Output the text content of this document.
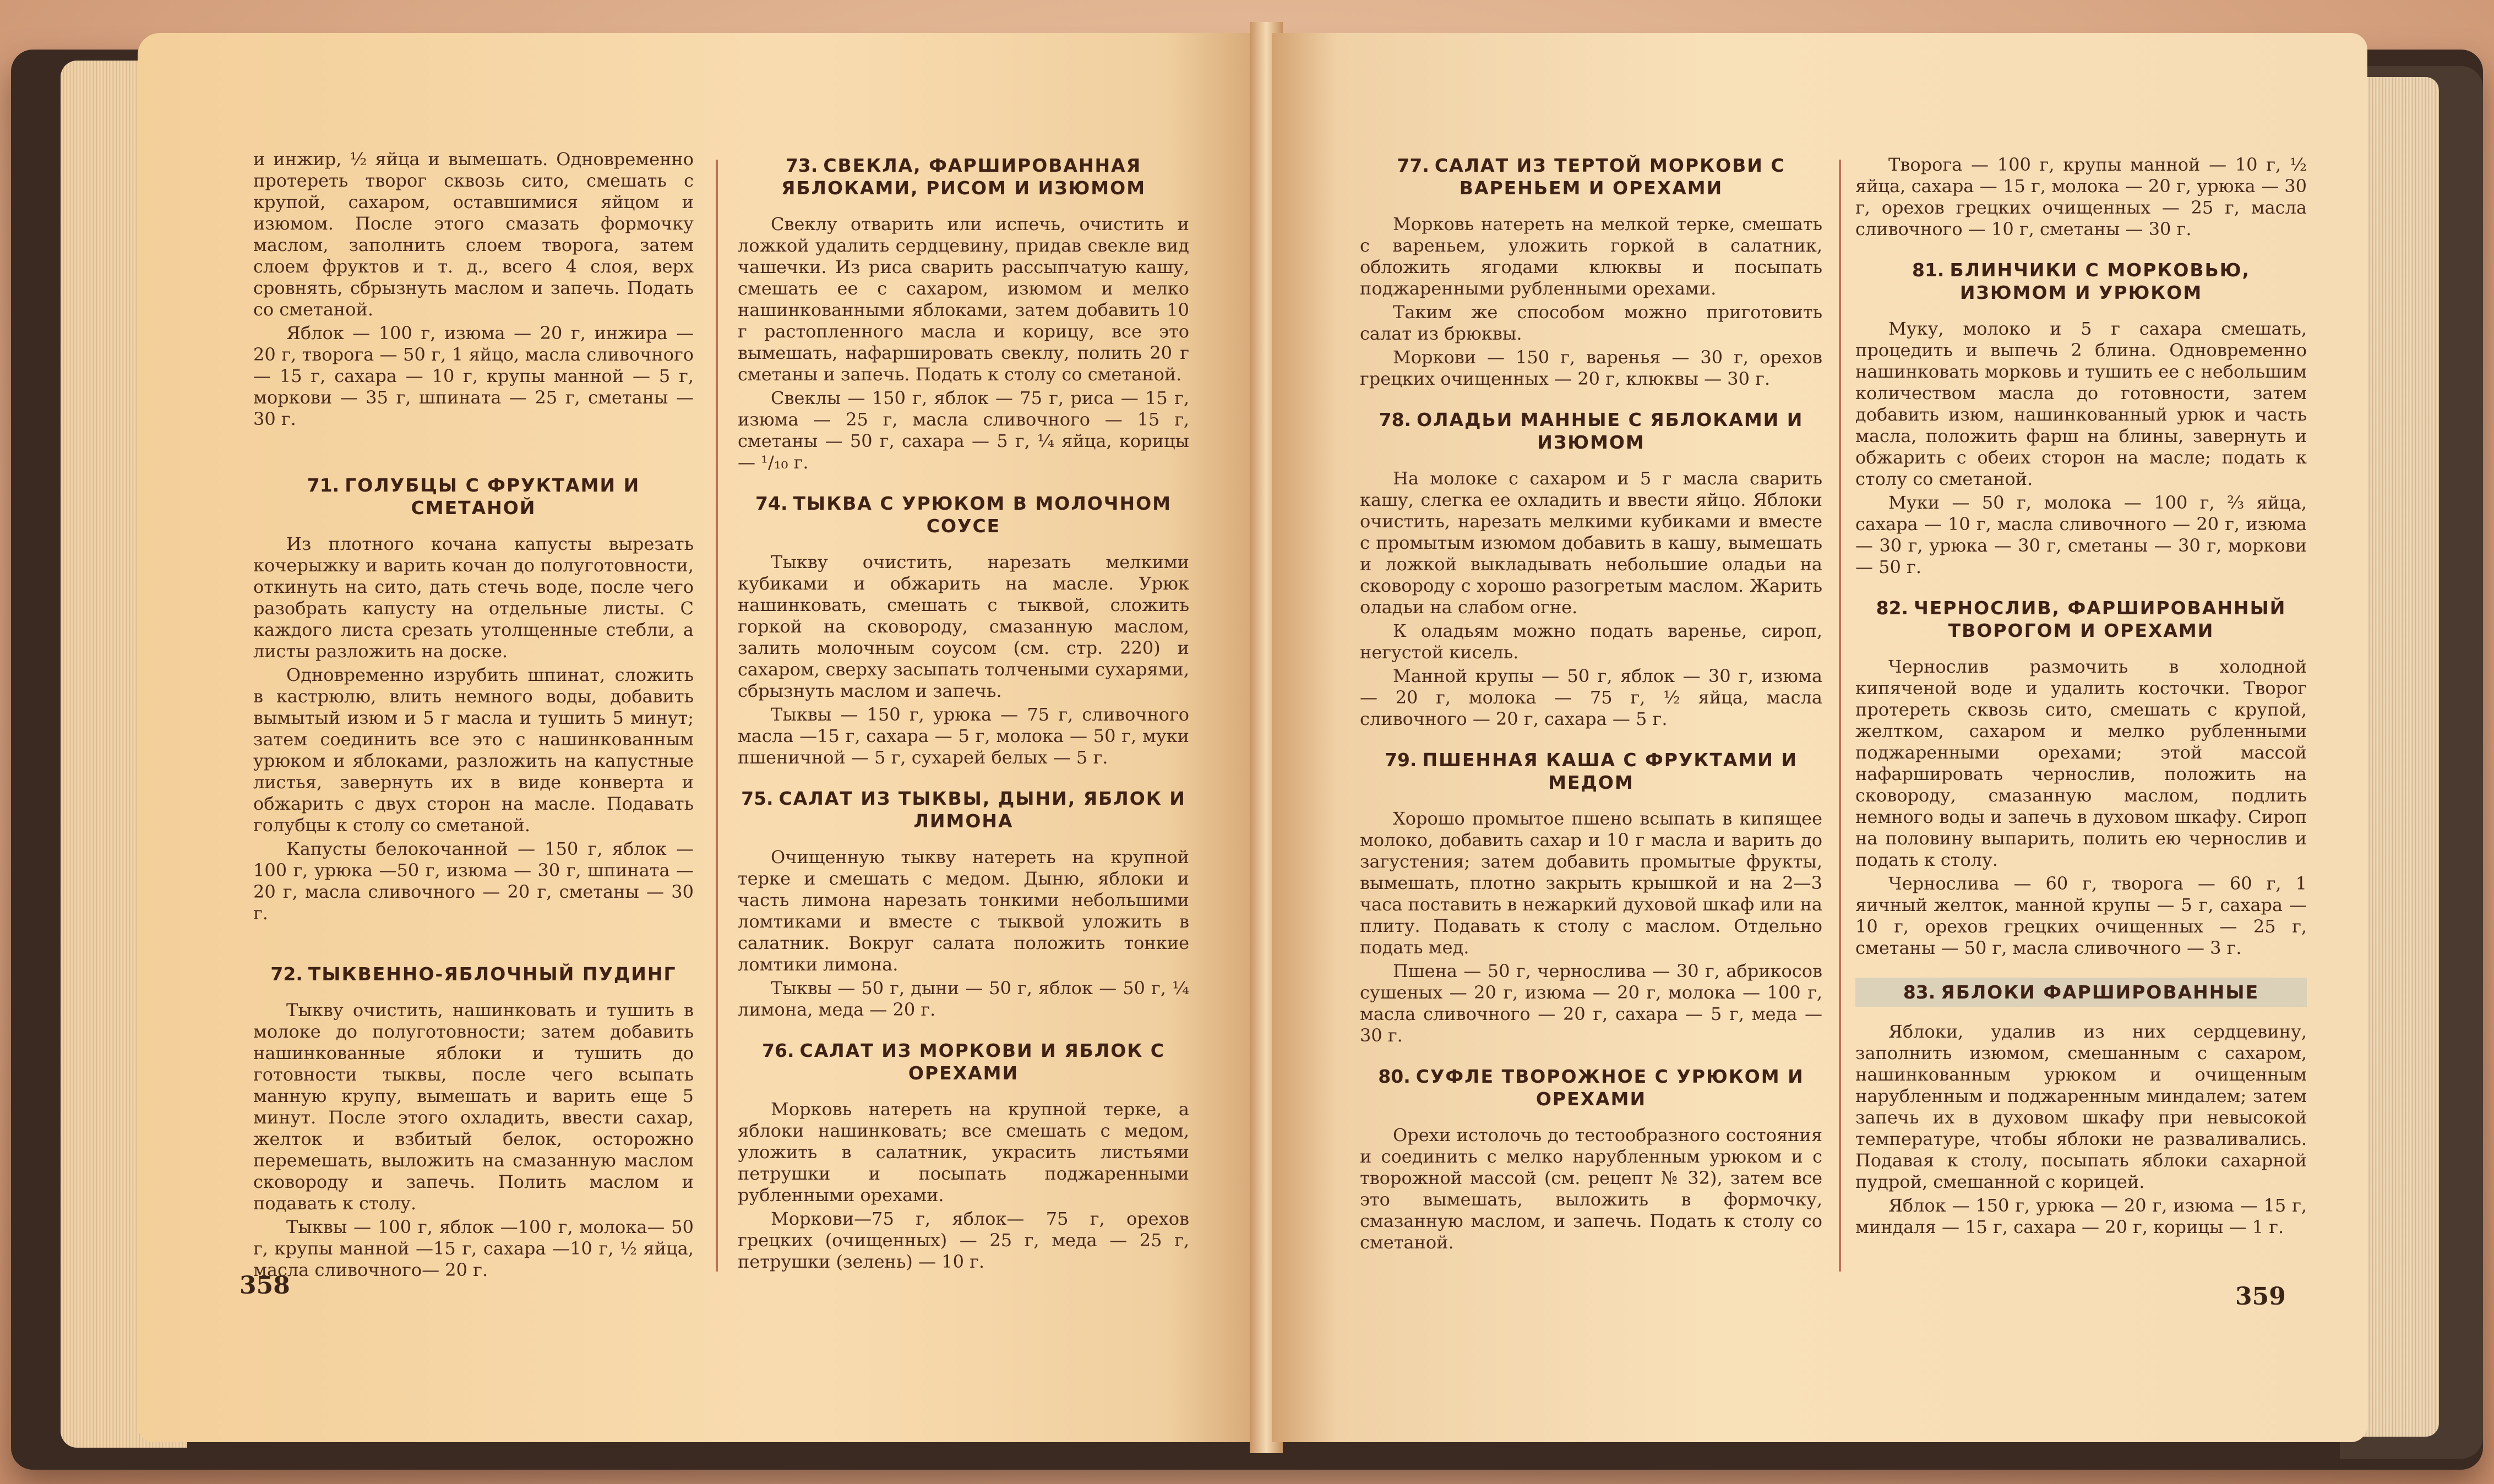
и инжир, ½ яйца и вымешать. Одновременно протереть творог сквозь сито, смешать с крупой, сахаром, оставшимися яйцом и изюмом. После этого смазать формочку маслом, заполнить слоем творога, затем слоем фруктов и т. д., всего 4 слоя, верх сровнять, сбрызнуть маслом и запечь. Подать со сметаной.

Яблок — 100 г, изюма — 20 г, инжира — 20 г, творога — 50 г, 1 яйцо, масла сливочного — 15 г, сахара — 10 г, крупы манной — 5 г, моркови — 35 г, шпината — 25 г, сметаны — 30 г.

71. ГОЛУБЦЫ С ФРУКТАМИ И СМЕТАНОЙ

Из плотного кочана капусты вырезать кочерыжку и варить кочан до полуготовности, откинуть на сито, дать стечь воде, после чего разобрать капусту на отдельные листы. С каждого листа срезать утолщенные стебли, а листы разложить на доске.

Одновременно изрубить шпинат, сложить в кастрюлю, влить немного воды, добавить вымытый изюм и 5 г масла и тушить 5 минут; затем соединить все это с нашинкованным урюком и яблоками, разложить на капустные листья, завернуть их в виде конверта и обжарить с двух сторон на масле. Подавать голубцы к столу со сметаной.

Капусты белокочанной — 150 г, яблок — 100 г, урюка —50 г, изюма — 30 г, шпината — 20 г, масла сливочного — 20 г, сметаны — 30 г.

72. ТЫКВЕННО-ЯБЛОЧНЫЙ ПУДИНГ

Тыкву очистить, нашинковать и тушить в молоке до полуготовности; затем добавить нашинкованные яблоки и тушить до готовности тыквы, после чего всыпать манную крупу, вымешать и варить еще 5 минут. После этого охладить, ввести сахар, желток и взбитый белок, осторожно перемешать, выложить на смазанную маслом сковороду и запечь. Полить маслом и подавать к столу.

Тыквы — 100 г, яблок —100 г, молока— 50 г, крупы манной —15 г, сахара —10 г, ½ яйца, масла сливочного— 20 г.

73. СВЕКЛА, ФАРШИРОВАННАЯ ЯБЛОКАМИ, РИСОМ И ИЗЮМОМ

Свеклу отварить или испечь, очистить и ложкой удалить сердцевину, придав свекле вид чашечки. Из риса сварить рассыпчатую кашу, смешать ее с сахаром, изюмом и мелко нашинкованными яблоками, затем добавить 10 г растопленного масла и корицу, все это вымешать, нафаршировать свеклу, полить 20 г сметаны и запечь. Подать к столу со сметаной.

Свеклы — 150 г, яблок — 75 г, риса — 15 г, изюма — 25 г, масла сливочного — 15 г, сметаны — 50 г, сахара — 5 г, ¼ яйца, корицы — ¹/₁₀ г.

74. ТЫКВА С УРЮКОМ В МОЛОЧНОМ СОУСЕ

Тыкву очистить, нарезать мелкими кубиками и обжарить на масле. Урюк нашинковать, смешать с тыквой, сложить горкой на сковороду, смазанную маслом, залить молочным соусом (см. стр. 220) и сахаром, сверху засыпать толчеными сухарями, сбрызнуть маслом и запечь.

Тыквы — 150 г, урюка — 75 г, сливочного масла —15 г, сахара — 5 г, молока — 50 г, муки пшеничной — 5 г, сухарей белых — 5 г.

75. САЛАТ ИЗ ТЫКВЫ, ДЫНИ, ЯБЛОК И ЛИМОНА

Очищенную тыкву натереть на крупной терке и смешать с медом. Дыню, яблоки и часть лимона нарезать тонкими небольшими ломтиками и вместе с тыквой уложить в салатник. Вокруг салата положить тонкие ломтики лимона.

Тыквы — 50 г, дыни — 50 г, яблок — 50 г, ¼ лимона, меда — 20 г.

76. САЛАТ ИЗ МОРКОВИ И ЯБЛОК С ОРЕХАМИ

Морковь натереть на крупной терке, а яблоки нашинковать; все смешать с медом, уложить в салатник, украсить листьями петрушки и посыпать поджаренными рубленными орехами.

Моркови—75 г, яблок— 75 г, орехов грецких (очищенных) — 25 г, меда — 25 г, петрушки (зелень) — 10 г.

358
77. САЛАТ ИЗ ТЕРТОЙ МОРКОВИ С ВАРЕНЬЕМ И ОРЕХАМИ

Морковь натереть на мелкой терке, смешать с вареньем, уложить горкой в салатник, обложить ягодами клюквы и посыпать поджаренными рубленными орехами.

Таким же способом можно приготовить салат из брюквы.

Моркови — 150 г, варенья — 30 г, орехов грецких очищенных — 20 г, клюквы — 30 г.

78. ОЛАДЬИ МАННЫЕ С ЯБЛОКАМИ И ИЗЮМОМ

На молоке с сахаром и 5 г масла сварить кашу, слегка ее охладить и ввести яйцо. Яблоки очистить, нарезать мелкими кубиками и вместе с промытым изюмом добавить в кашу, вымешать и ложкой выкладывать небольшие оладьи на сковороду с хорошо разогретым маслом. Жарить оладьи на слабом огне.

К оладьям можно подать варенье, сироп, негустой кисель.

Манной крупы — 50 г, яблок — 30 г, изюма — 20 г, молока — 75 г, ½ яйца, масла сливочного — 20 г, сахара — 5 г.

79. ПШЕННАЯ КАША С ФРУКТАМИ И МЕДОМ

Хорошо промытое пшено всыпать в кипящее молоко, добавить сахар и 10 г масла и варить до загустения; затем добавить промытые фрукты, вымешать, плотно закрыть крышкой и на 2—3 часа поставить в нежаркий духовой шкаф или на плиту. Подавать к столу с маслом. Отдельно подать мед.

Пшена — 50 г, чернослива — 30 г, абрикосов сушеных — 20 г, изюма — 20 г, молока — 100 г, масла сливочного — 20 г, сахара — 5 г, меда — 30 г.

80. СУФЛЕ ТВОРОЖНОЕ С УРЮКОМ И ОРЕХАМИ

Орехи истолочь до тестообразного состояния и соединить с мелко нарубленным урюком и с творожной массой (см. рецепт № 32), затем все это вымешать, выложить в формочку, смазанную маслом, и запечь. Подать к столу со сметаной.

Творога — 100 г, крупы манной — 10 г, ½ яйца, сахара — 15 г, молока — 20 г, урюка — 30 г, орехов грецких очищенных — 25 г, масла сливочного — 10 г, сметаны — 30 г.

81. БЛИНЧИКИ С МОРКОВЬЮ, ИЗЮМОМ И УРЮКОМ

Муку, молоко и 5 г сахара смешать, процедить и выпечь 2 блина. Одновременно нашинковать морковь и тушить ее с небольшим количеством масла до готовности, затем добавить изюм, нашинкованный урюк и часть масла, положить фарш на блины, завернуть и обжарить с обеих сторон на масле; подать к столу со сметаной.

Муки — 50 г, молока — 100 г, ⅔ яйца, сахара — 10 г, масла сливочного — 20 г, изюма — 30 г, урюка — 30 г, сметаны — 30 г, моркови — 50 г.

82. ЧЕРНОСЛИВ, ФАРШИРОВАННЫЙ ТВОРОГОМ И ОРЕХАМИ

Чернослив размочить в холодной кипяченой воде и удалить косточки. Творог протереть сквозь сито, смешать с крупой, желтком, сахаром и мелко рубленными поджаренными орехами; этой массой нафаршировать чернослив, положить на сковороду, смазанную маслом, подлить немного воды и запечь в духовом шкафу. Сироп на половину выпарить, полить ею чернослив и подать к столу.

Чернослива — 60 г, творога — 60 г, 1 яичный желток, манной крупы — 5 г, сахара — 10 г, орехов грецких очищенных — 25 г, сметаны — 50 г, масла сливочного — 3 г.

83. ЯБЛОКИ ФАРШИРОВАННЫЕ

Яблоки, удалив из них сердцевину, заполнить изюмом, смешанным с сахаром, нашинкованным урюком и очищенным нарубленным и поджаренным миндалем; затем запечь их в духовом шкафу при невысокой температуре, чтобы яблоки не разваливались. Подавая к столу, посыпать яблоки сахарной пудрой, смешанной с корицей.

Яблок — 150 г, урюка — 20 г, изюма — 15 г, миндаля — 15 г, сахара — 20 г, корицы — 1 г.

359
